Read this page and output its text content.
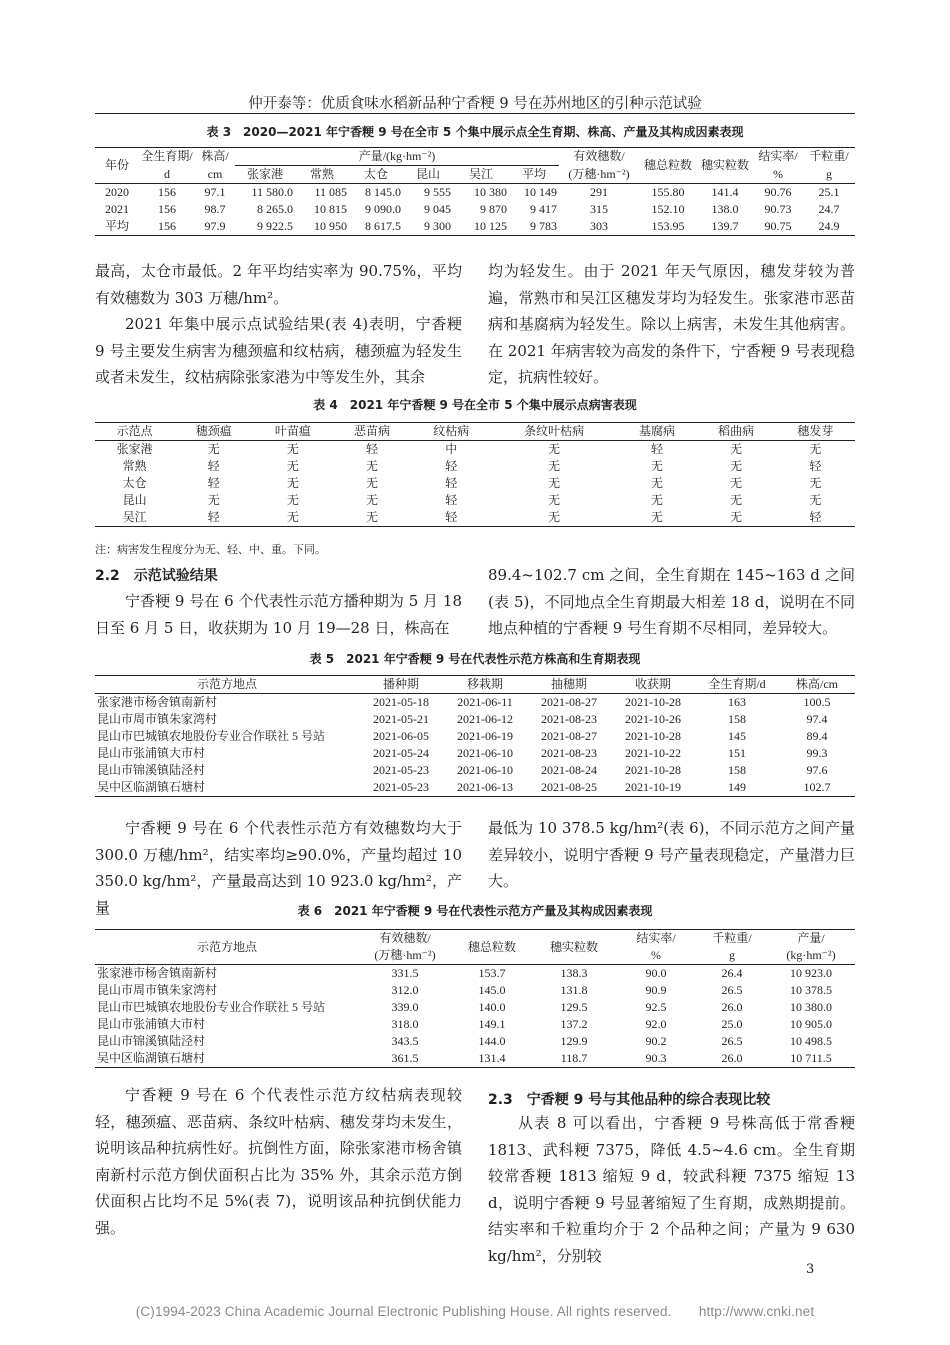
仲开泰等：优质食味水稻新品种宁香粳 9 号在苏州地区的引种示范试验
表 3　2020—2021 年宁香粳 9 号在全市 5 个集中展示点全生育期、株高、产量及其构成因素表现
年份	全生育期/	株高/	产量/(kg·hm⁻²)						有效穗数/	穗总粒数	穗实粒数	结实率/	千粒重/
	d	cm	张家港	常熟	太仓	昆山	吴江	平均	(万穗·hm⁻²)			%	g
2020	156	97.1	11 580.0	11 085	8 145.0	9 555	10 380	10 149	291	155.80	141.4	90.76	25.1
2021	156	98.7	8 265.0	10 815	9 090.0	9 045	9 870	9 417	315	152.10	138.0	90.73	24.7
平均	156	97.9	9 922.5	10 950	8 617.5	9 300	10 125	9 783	303	153.95	139.7	90.75	24.9

最高，太仓市最低。2 年平均结实率为 90.75%，平均有效穗数为 303 万穗/hm²。

2021 年集中展示点试验结果(表 4)表明，宁香粳 9 号主要发生病害为穗颈瘟和纹枯病，穗颈瘟为轻发生或者未发生，纹枯病除张家港为中等发生外，其余

均为轻发生。由于 2021 年天气原因，穗发芽较为普遍，常熟市和吴江区穗发芽均为轻发生。张家港市恶苗病和基腐病为轻发生。除以上病害，未发生其他病害。在 2021 年病害较为高发的条件下，宁香粳 9 号表现稳定，抗病性较好。

表 4　2021 年宁香粳 9 号在全市 5 个集中展示点病害表现
示范点	穗颈瘟	叶苗瘟	恶苗病	纹枯病	条纹叶枯病	基腐病	稻曲病	穗发芽
张家港	无	无	轻	中	无	轻	无	无
常熟	轻	无	无	轻	无	无	无	轻
太仓	轻	无	无	轻	无	无	无	无
昆山	无	无	无	轻	无	无	无	无
吴江	轻	无	无	轻	无	无	无	轻
注：病害发生程度分为无、轻、中、重。下同。
2.2　示范试验结果

宁香粳 9 号在 6 个代表性示范方播种期为 5 月 18 日至 6 月 5 日，收获期为 10 月 19—28 日，株高在

89.4~102.7 cm 之间，全生育期在 145~163 d 之间(表 5)，不同地点全生育期最大相差 18 d，说明在不同地点种植的宁香粳 9 号生育期不尽相同，差异较大。

表 5　2021 年宁香粳 9 号在代表性示范方株高和生育期表现
示范方地点	播种期	移栽期	抽穗期	收获期	全生育期/d	株高/cm
张家港市杨舍镇南新村	2021-05-18	2021-06-11	2021-08-27	2021-10-28	163	100.5
昆山市周市镇朱家湾村	2021-05-21	2021-06-12	2021-08-23	2021-10-26	158	97.4
昆山市巴城镇农地股份专业合作联社 5 号站	2021-06-05	2021-06-19	2021-08-27	2021-10-28	145	89.4
昆山市张浦镇大市村	2021-05-24	2021-06-10	2021-08-23	2021-10-22	151	99.3
昆山市锦溪镇陆泾村	2021-05-23	2021-06-10	2021-08-24	2021-10-28	158	97.6
吴中区临湖镇石塘村	2021-05-23	2021-06-13	2021-08-25	2021-10-19	149	102.7

宁香粳 9 号在 6 个代表性示范方有效穗数均大于 300.0 万穗/hm²，结实率均≥90.0%，产量均超过 10 350.0 kg/hm²，产量最高达到 10 923.0 kg/hm²，产量

最低为 10 378.5 kg/hm²(表 6)，不同示范方之间产量差异较小，说明宁香粳 9 号产量表现稳定，产量潜力巨大。

表 6　2021 年宁香粳 9 号在代表性示范方产量及其构成因素表现
示范方地点	有效穗数/
(万穗·hm⁻²)	穗总粒数	穗实粒数	结实率/
%	千粒重/
g	产量/
(kg·hm⁻²)
张家港市杨舍镇南新村	331.5	153.7	138.3	90.0	26.4	10 923.0
昆山市周市镇朱家湾村	312.0	145.0	131.8	90.9	26.5	10 378.5
昆山市巴城镇农地股份专业合作联社 5 号站	339.0	140.0	129.5	92.5	26.0	10 380.0
昆山市张浦镇大市村	318.0	149.1	137.2	92.0	25.0	10 905.0
昆山市锦溪镇陆泾村	343.5	144.0	129.9	90.2	26.5	10 498.5
吴中区临湖镇石塘村	361.5	131.4	118.7	90.3	26.0	10 711.5

宁香粳 9 号在 6 个代表性示范方纹枯病表现较轻，穗颈瘟、恶苗病、条纹叶枯病、穗发芽均未发生，说明该品种抗病性好。抗倒性方面，除张家港市杨舍镇南新村示范方倒伏面积占比为 35% 外，其余示范方倒伏面积占比均不足 5%(表 7)，说明该品种抗倒伏能力强。

2.3　宁香粳 9 号与其他品种的综合表现比较

从表 8 可以看出，宁香粳 9 号株高低于常香粳 1813、武科粳 7375，降低 4.5~4.6 cm。全生育期较常香粳 1813 缩短 9 d，较武科粳 7375 缩短 13 d，说明宁香粳 9 号显著缩短了生育期，成熟期提前。结实率和千粒重均介于 2 个品种之间；产量为 9 630 kg/hm²，分别较

3
(C)1994-2023 China Academic Journal Electronic Publishing House. All rights reserved.　　http://www.cnki.net
